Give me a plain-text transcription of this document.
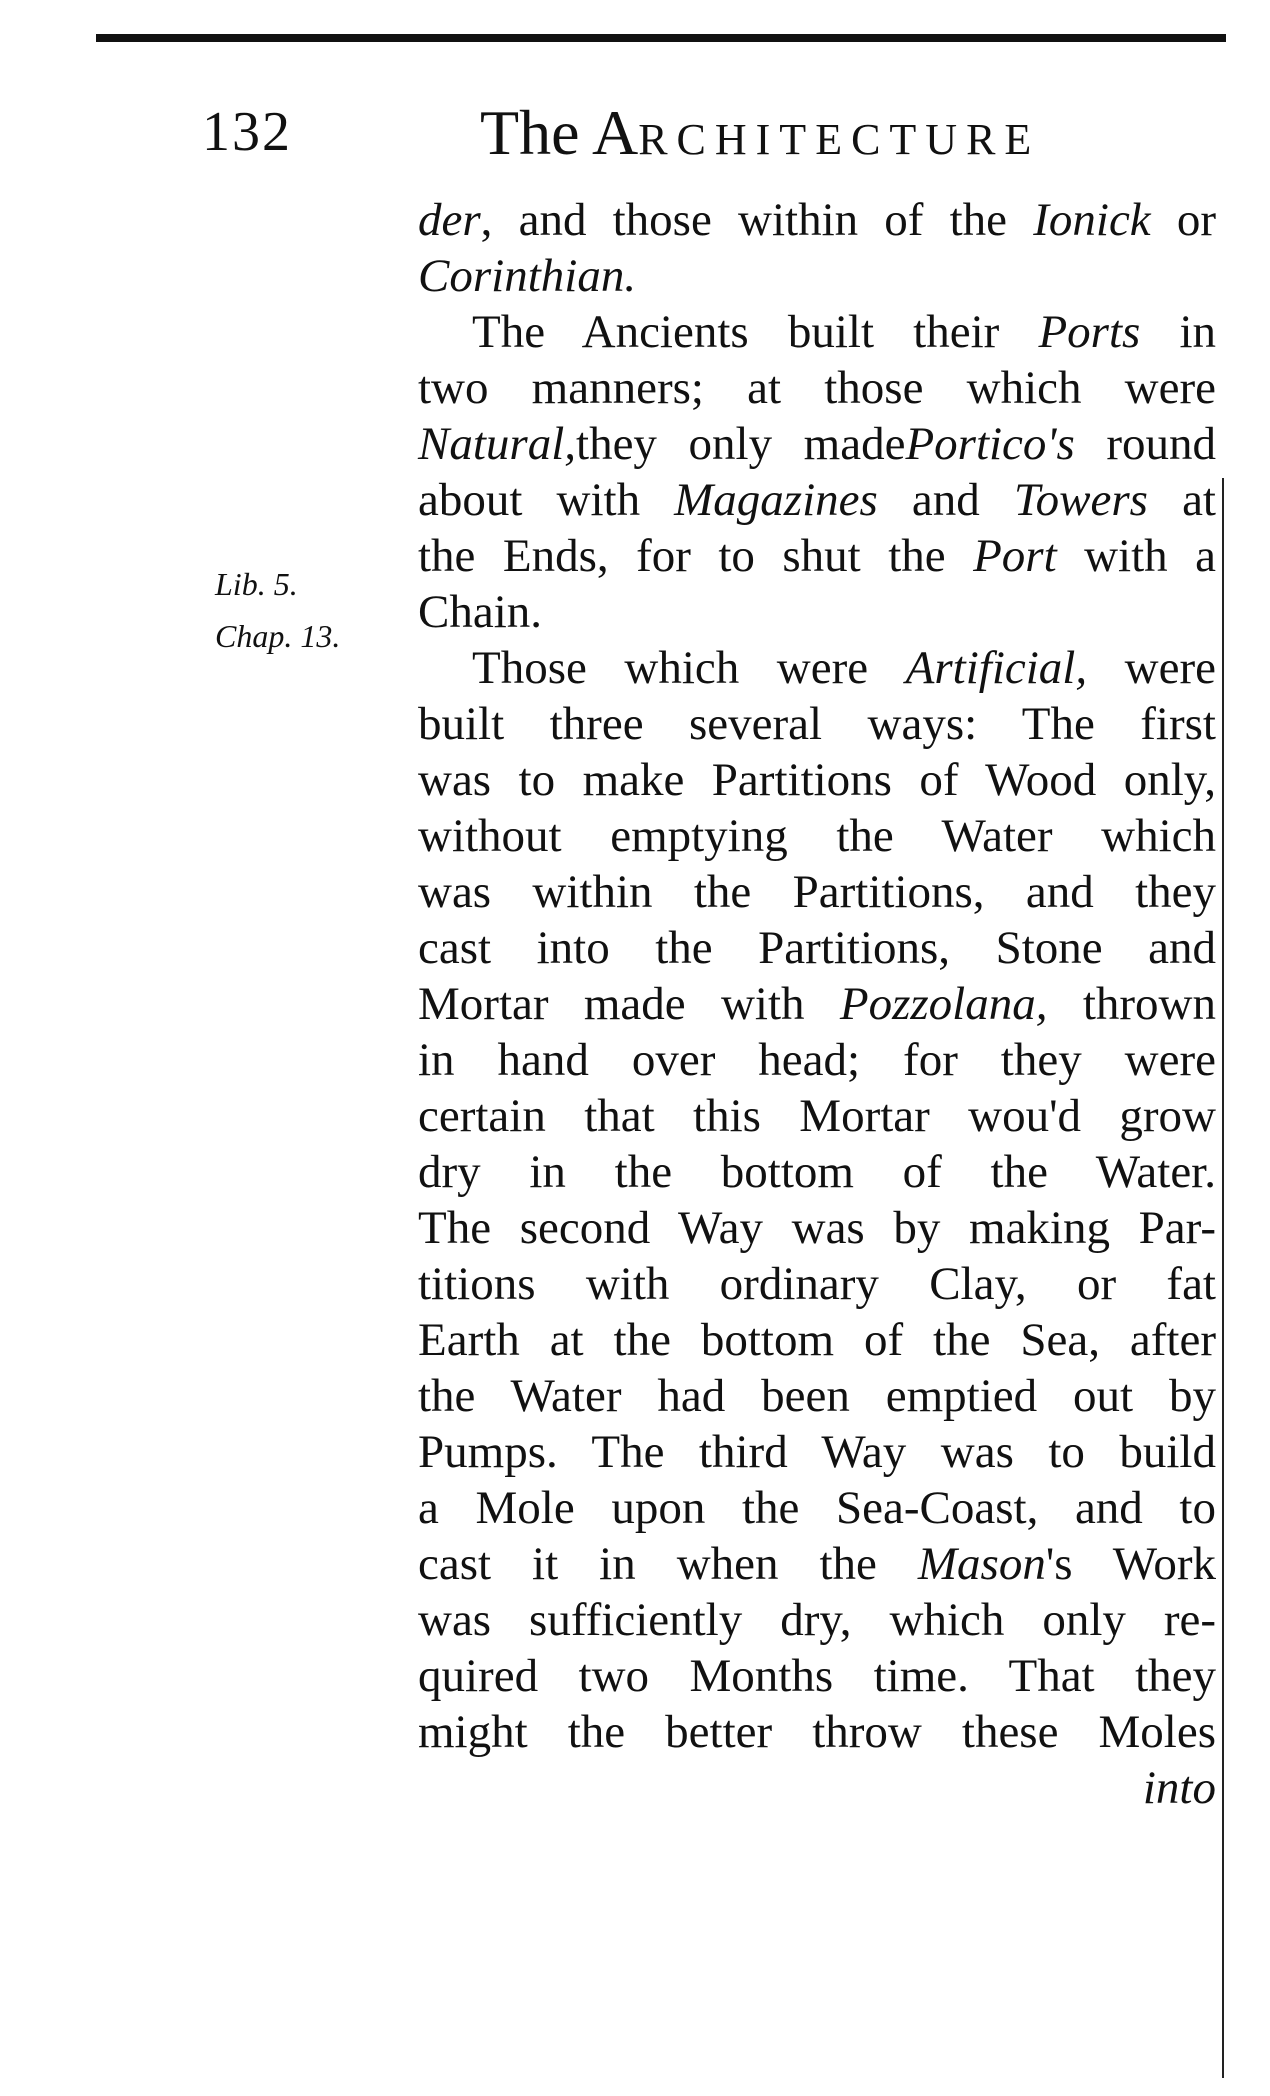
132	The ARCHITECTURE
Lib. 5.
Chap. 13.
der, and those within of the Ionick or
Corinthian.
The Ancients built their Ports in
two manners; at those which were
Natural,they only madePortico's round
about with Magazines and Towers at
the Ends, for to shut the Port with a
Chain.
Those which were Artificial, were
built three several ways: The first
was to make Partitions of Wood only,
without emptying the Water which
was within the Partitions, and they
cast into the Partitions, Stone and
Mortar made with Pozzolana, thrown
in hand over head; for they were
certain that this Mortar wou'd grow
dry in the bottom of the Water.
The second Way was by making Par-
titions with ordinary Clay, or fat
Earth at the bottom of the Sea, after
the Water had been emptied out by
Pumps. The third Way was to build
a Mole upon the Sea-Coast, and to
cast it in when the Mason's Work
was sufficiently dry, which only re-
quired two Months time. That they
might the better throw these Moles
into
